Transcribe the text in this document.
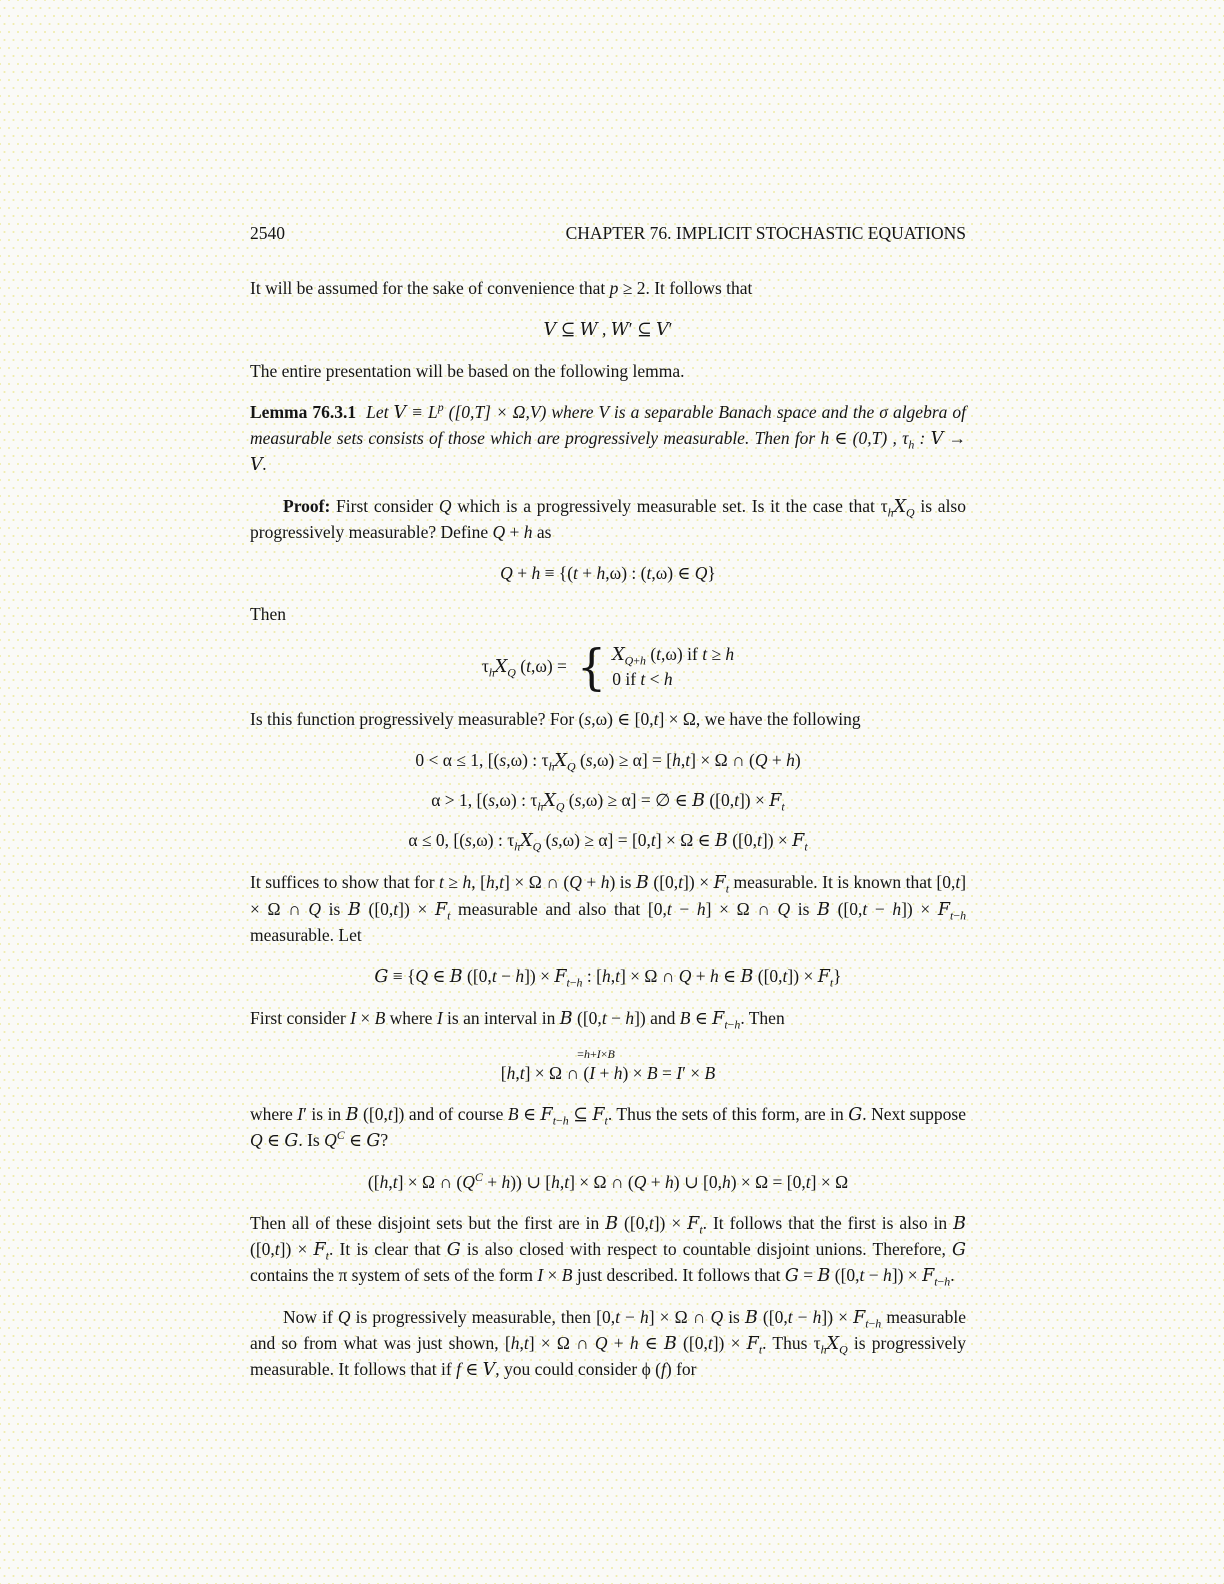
2540	CHAPTER 76. IMPLICIT STOCHASTIC EQUATIONS

It will be assumed for the sake of convenience that p ≥ 2. It follows that

V ⊆ W , W′ ⊆ V′

The entire presentation will be based on the following lemma.

Lemma 76.3.1 Let $V \equiv L^p$ ([0,T] × Ω,V) where V is a separable Banach space and the σ algebra of measurable sets consists of those which are progressively measurable. Then for h ∈ (0,T) , $\tau_h$ : V → V.

Proof: First consider Q which is a progressively measurable set. Is it the case that $\tau_hX_Q$ is also progressively measurable? Define Q + h as

Q + h ≡ {(t + h,ω) : (t,ω) ∈ Q}

Then

$\tau_hX_Q$ (t,ω) = { $X_{Q+h}$ (t,ω) if t ≥ h
0 if t < h

Is this function progressively measurable? For (s,ω) ∈ [0,t] × Ω, we have the following

0 < α ≤ 1, [(s,ω) : $\tau_hX_Q$ (s,ω) ≥ α] = [h,t] × Ω ∩ (Q + h)
α > 1, [(s,ω) : $\tau_hX_Q$ (s,ω) ≥ α] = ∅ ∈ B $([0,t]) \times F_t$
α ≤ 0, [(s,ω) : $\tau_hX_Q$ (s,ω) ≥ α] = [0,t] × Ω ∈ B $([0,t]) \times F_t$

It suffices to show that for t ≥ h, [h,t] × Ω ∩ (Q + h) is B $([0,t]) \times F_t$ measurable. It is known that [0,t] × Ω ∩ Q is B $([0,t]) \times F_t$ measurable and also that [0,t − h] × Ω ∩ Q is B $([0,t - h]) \times F_{t-h}$ measurable. Let

G ≡ {Q ∈ B $([0,t - h]) \times F_{t-h}$ : [h,t] × Ω ∩ Q + h ∈ B $([0,t]) \times F_t$}

First consider I × B where I is an interval in B ([0,t − h]) and B ∈ $F_{t-h}$. Then

=h+I×B
[h,t] × Ω ∩ (I + h) × B = I′ × B

where I′ is in B ([0,t]) and of course B ∈ $F_{t-h}$ ⊆ $F_t$. Thus the sets of this form, are in G. Next suppose Q ∈ G. Is $Q^C$ ∈ G?

([h,t] × Ω ∩ $(Q^C + h)$) ∪ [h,t] × Ω ∩ (Q + h) ∪ [0,h) × Ω = [0,t] × Ω

Then all of these disjoint sets but the first are in B $([0,t]) \times F_t$. It follows that the first is also in B $([0,t]) \times F_t$. It is clear that G is also closed with respect to countable disjoint unions. Therefore, G contains the π system of sets of the form I × B just described. It follows that G = B $([0,t - h]) \times F_{t-h}$.

Now if Q is progressively measurable, then [0,t − h] × Ω ∩ Q is B $([0,t - h]) \times F_{t-h}$ measurable and so from what was just shown, [h,t] × Ω ∩ Q + h ∈ B $([0,t]) \times F_t$. Thus $\tau_hX_Q$ is progressively measurable. It follows that if f ∈ V, you could consider ϕ (f) for
